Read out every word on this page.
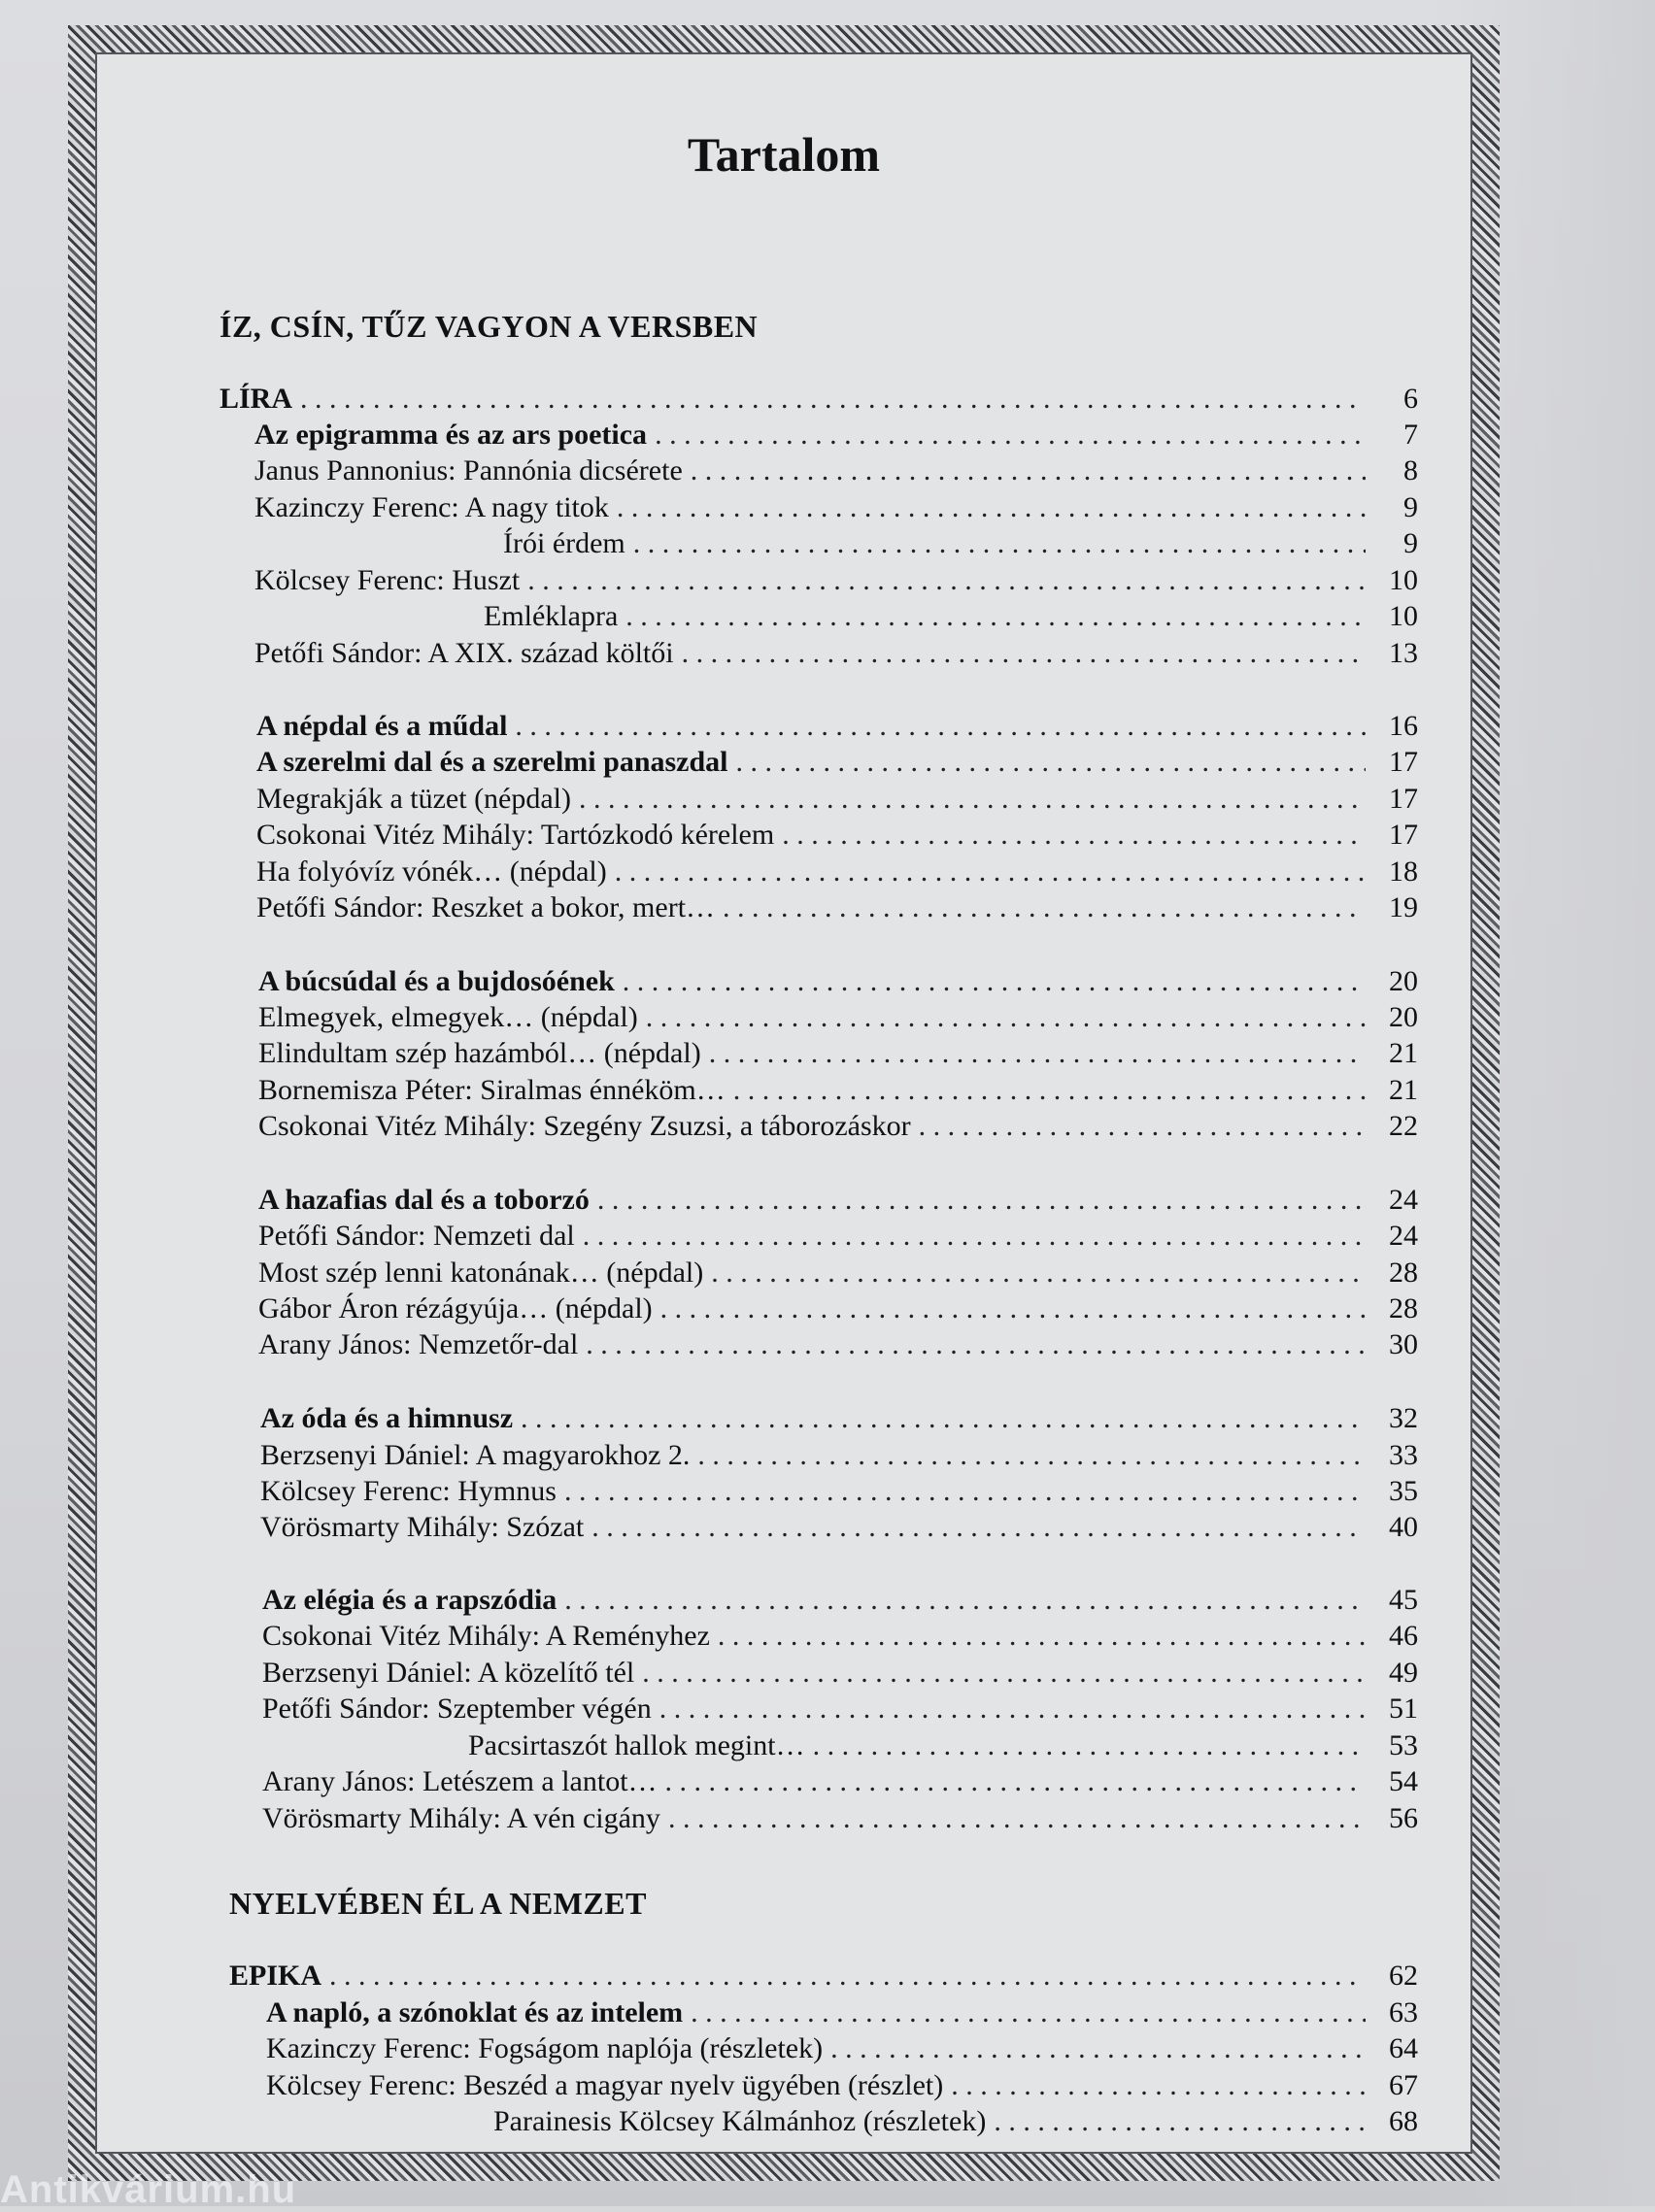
Tartalom
ÍZ, CSÍN, TŰZ VAGYON A VERSBEN
NYELVÉBEN ÉL A NEMZET
LÍRA . . .	6
Az epigramma és az ars poetica . . .	7
Janus Pannonius: Pannónia dicsérete . . .	8
Kazinczy Ferenc: A nagy titok . . .	9
Írói érdem . . .	9
Kölcsey Ferenc: Huszt . . .	10
Emléklapra . . .	10
Petőfi Sándor: A XIX. század költői . . .	13
A népdal és a műdal . . .	16
A szerelmi dal és a szerelmi panaszdal . . .	17
Megrakják a tüzet (népdal) . . .	17
Csokonai Vitéz Mihály: Tartózkodó kérelem . . .	17
Ha folyóvíz vónék… (népdal) . . .	18
Petőfi Sándor: Reszket a bokor, mert… . . .	19
A búcsúdal és a bujdosóének . . .	20
Elmegyek, elmegyek… (népdal) . . .	20
Elindultam szép hazámból… (népdal) . . .	21
Bornemisza Péter: Siralmas énnéköm… . . .	21
Csokonai Vitéz Mihály: Szegény Zsuzsi, a táborozáskor . . .	22
A hazafias dal és a toborzó . . .	24
Petőfi Sándor: Nemzeti dal . . .	24
Most szép lenni katonának… (népdal) . . .	28
Gábor Áron rézágyúja… (népdal) . . .	28
Arany János: Nemzetőr-dal . . .	30
Az óda és a himnusz . . .	32
Berzsenyi Dániel: A magyarokhoz 2. . . .	33
Kölcsey Ferenc: Hymnus . . .	35
Vörösmarty Mihály: Szózat . . .	40
Az elégia és a rapszódia . . .	45
Csokonai Vitéz Mihály: A Reményhez . . .	46
Berzsenyi Dániel: A közelítő tél . . .	49
Petőfi Sándor: Szeptember végén . . .	51
Pacsirtaszót hallok megint… . . .	53
Arany János: Letészem a lantot… . . .	54
Vörösmarty Mihály: A vén cigány . . .	56
EPIKA . . .	62
A napló, a szónoklat és az intelem . . .	63
Kazinczy Ferenc: Fogságom naplója (részletek) . . .	64
Kölcsey Ferenc: Beszéd a magyar nyelv ügyében (részlet) . . .	67
Parainesis Kölcsey Kálmánhoz (részletek) . . .	68
Antikvárium.hu
